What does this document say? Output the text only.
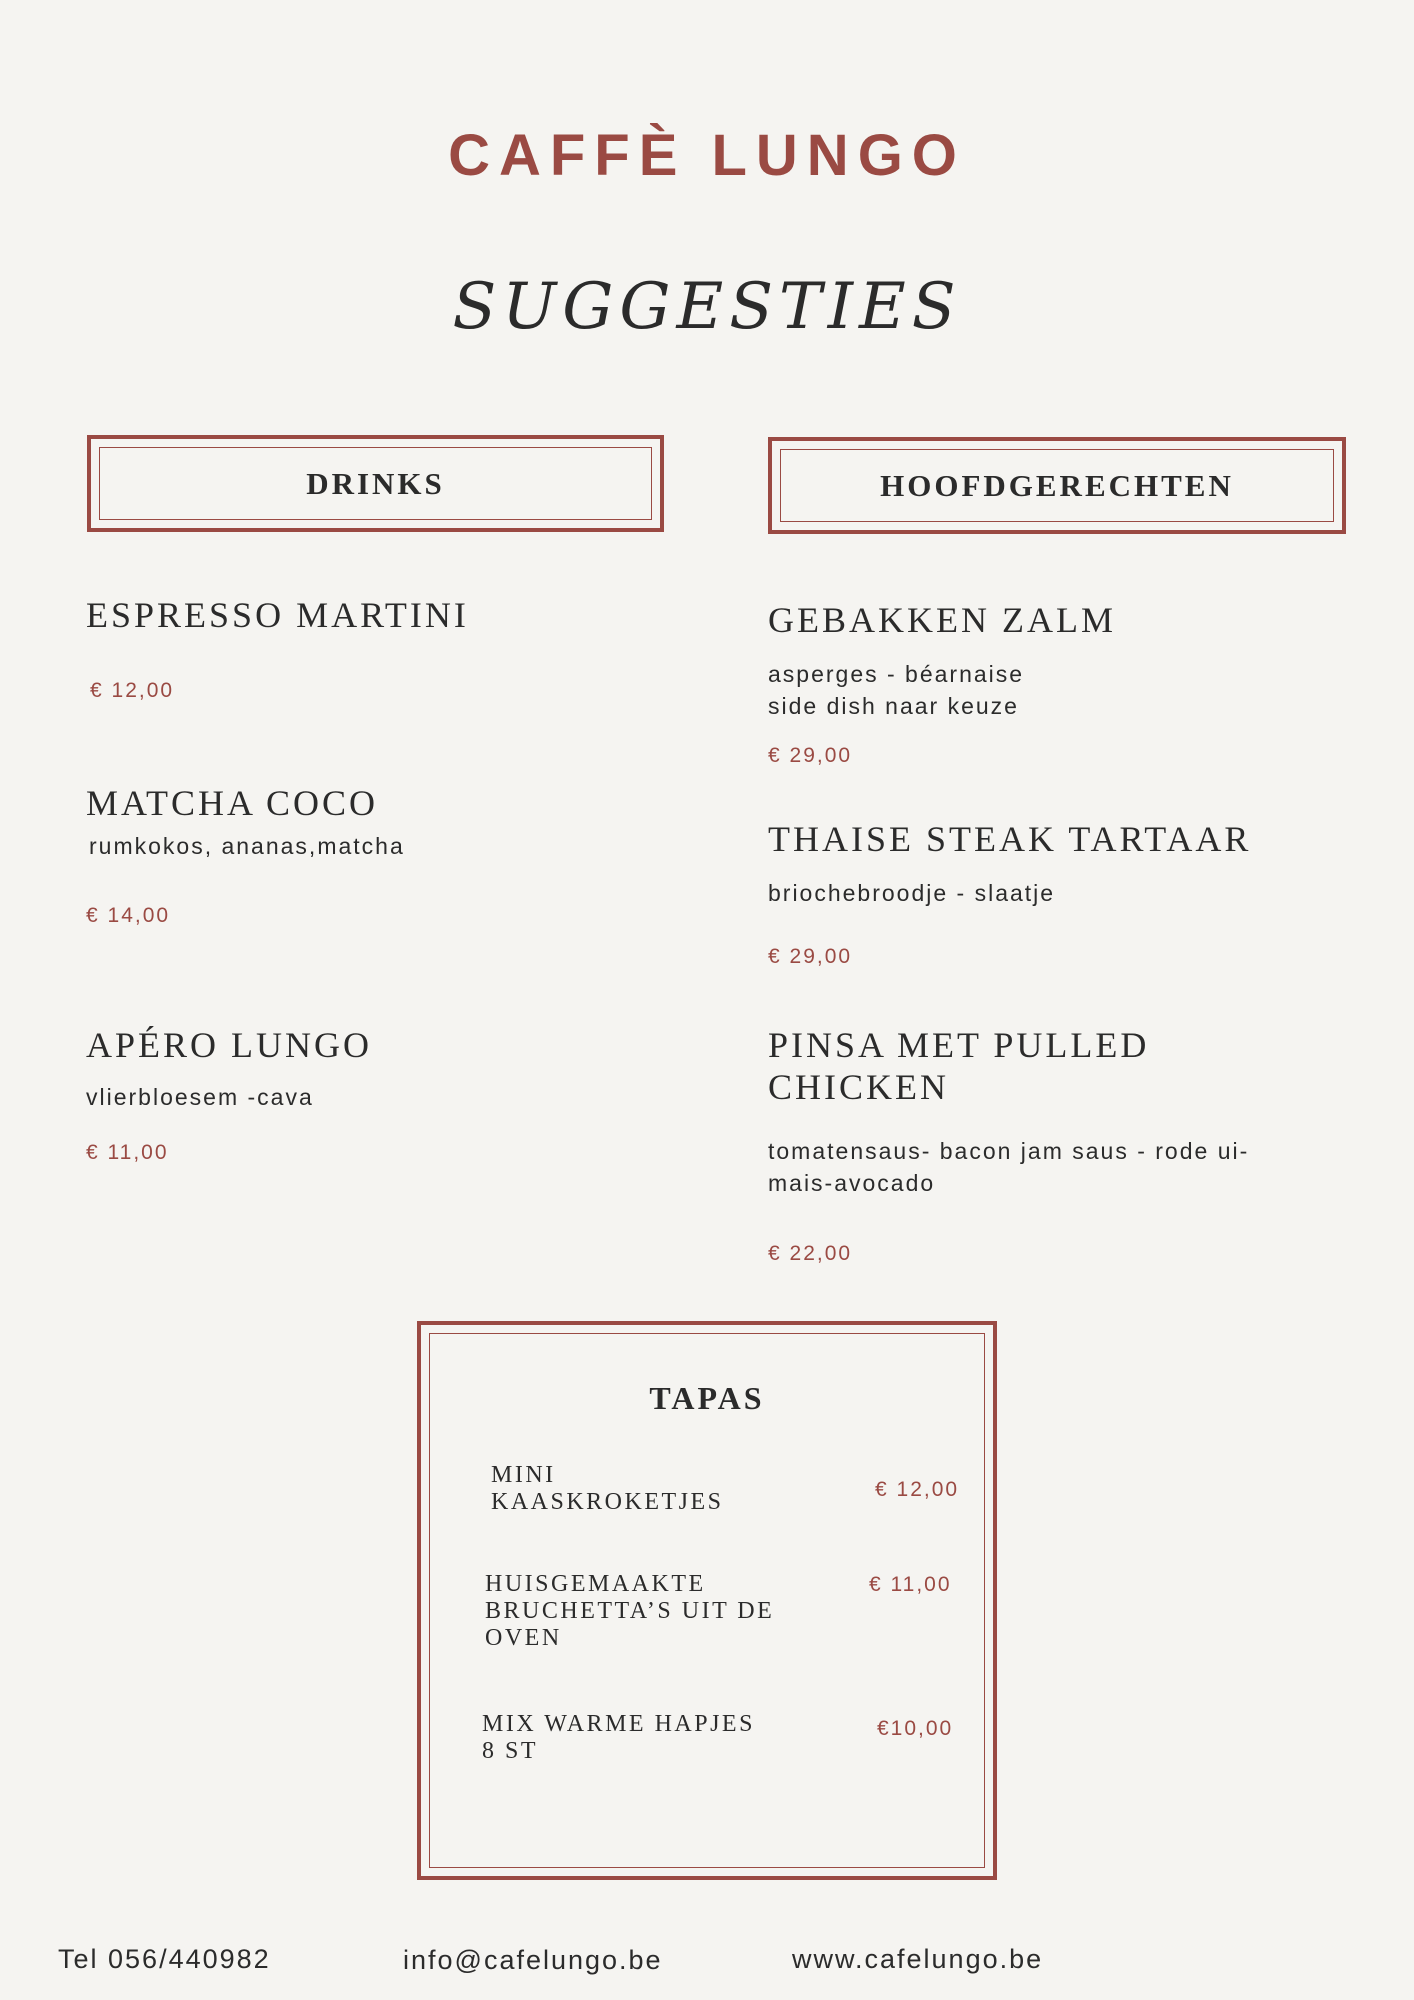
CAFFÈ LUNGO
SUGGESTIES
DRINKS
ESPRESSO MARTINI
€ 12,00
MATCHA COCO
rumkokos, ananas,matcha
€ 14,00
APÉRO LUNGO
vlierbloesem -cava
€ 11,00
HOOFDGERECHTEN
GEBAKKEN ZALM
asperges - béarnaise
side dish naar keuze
€ 29,00
THAISE STEAK TARTAAR
briochebroodje - slaatje
€ 29,00
PINSA MET PULLED
CHICKEN
tomatensaus- bacon jam saus - rode ui-
mais-avocado
€ 22,00
TAPAS
MINI
KAASKROKETJES	€ 12,00
HUISGEMAAKTE
BRUCHETTA’S UIT DE
OVEN
€ 11,00
MIX WARME HAPJES
8 ST
€10,00
Tel 056/440982	info@cafelungo.be	www.cafelungo.be
